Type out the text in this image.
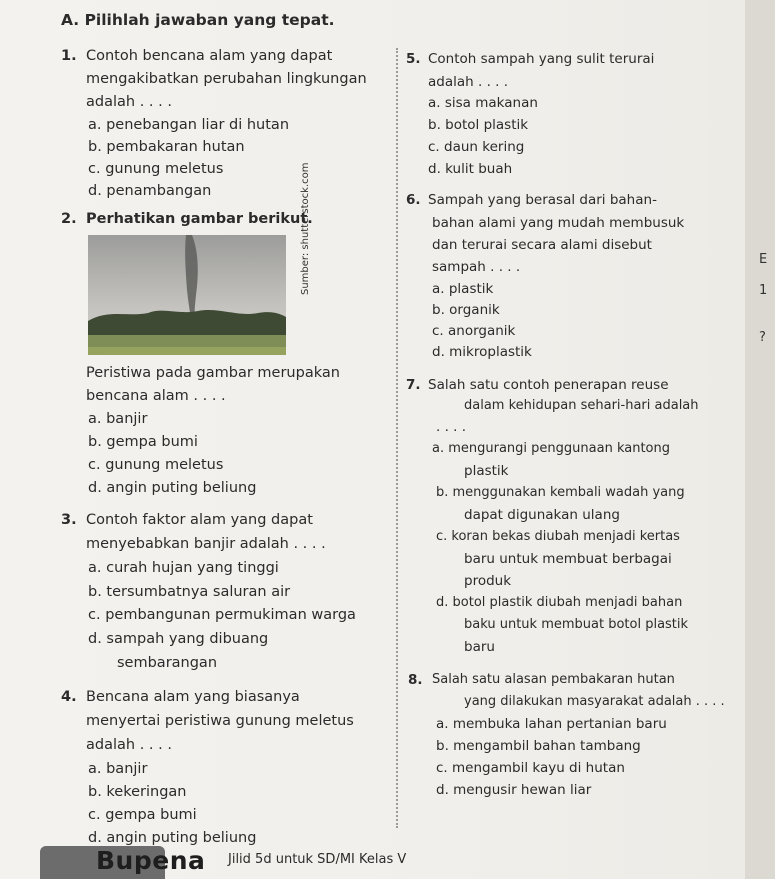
A. Pilihlah jawaban yang tepat.
1. Contoh bencana alam yang dapat
mengakibatkan perubahan lingkungan
adalah . . . .
a. penebangan liar di hutan
b. pembakaran hutan
c. gunung meletus
d. penambangan
2. Perhatikan gambar berikut.
Sumber: shutterstock.com
Peristiwa pada gambar merupakan
bencana alam . . . .
a. banjir
b. gempa bumi
c. gunung meletus
d. angin puting beliung
3. Contoh faktor alam yang dapat
menyebabkan banjir adalah . . . .
a. curah hujan yang tinggi
b. tersumbatnya saluran air
c. pembangunan permukiman warga
d. sampah yang dibuang
sembarangan
4. Bencana alam yang biasanya
menyertai peristiwa gunung meletus
adalah . . . .
a. banjir
b. kekeringan
c. gempa bumi
d. angin puting beliung
5. Contoh sampah yang sulit terurai
adalah . . . .
a. sisa makanan
b. botol plastik
c. daun kering
d. kulit buah
6. Sampah yang berasal dari bahan-
bahan alami yang mudah membusuk
dan terurai secara alami disebut
sampah . . . .
a. plastik
b. organik
c. anorganik
d. mikroplastik
7. Salah satu contoh penerapan reuse
dalam kehidupan sehari-hari adalah
. . . .
a. mengurangi penggunaan kantong
plastik
b. menggunakan kembali wadah yang
dapat digunakan ulang
c. koran bekas diubah menjadi kertas
baru untuk membuat berbagai
produk
d. botol plastik diubah menjadi bahan
baku untuk membuat botol plastik
baru
8. Salah satu alasan pembakaran hutan
yang dilakukan masyarakat adalah . . . .
a. membuka lahan pertanian baru
b. mengambil bahan tambang
c. mengambil kayu di hutan
d. mengusir hewan liar
Bupena Jilid 5d untuk SD/MI Kelas V
E
1
?
